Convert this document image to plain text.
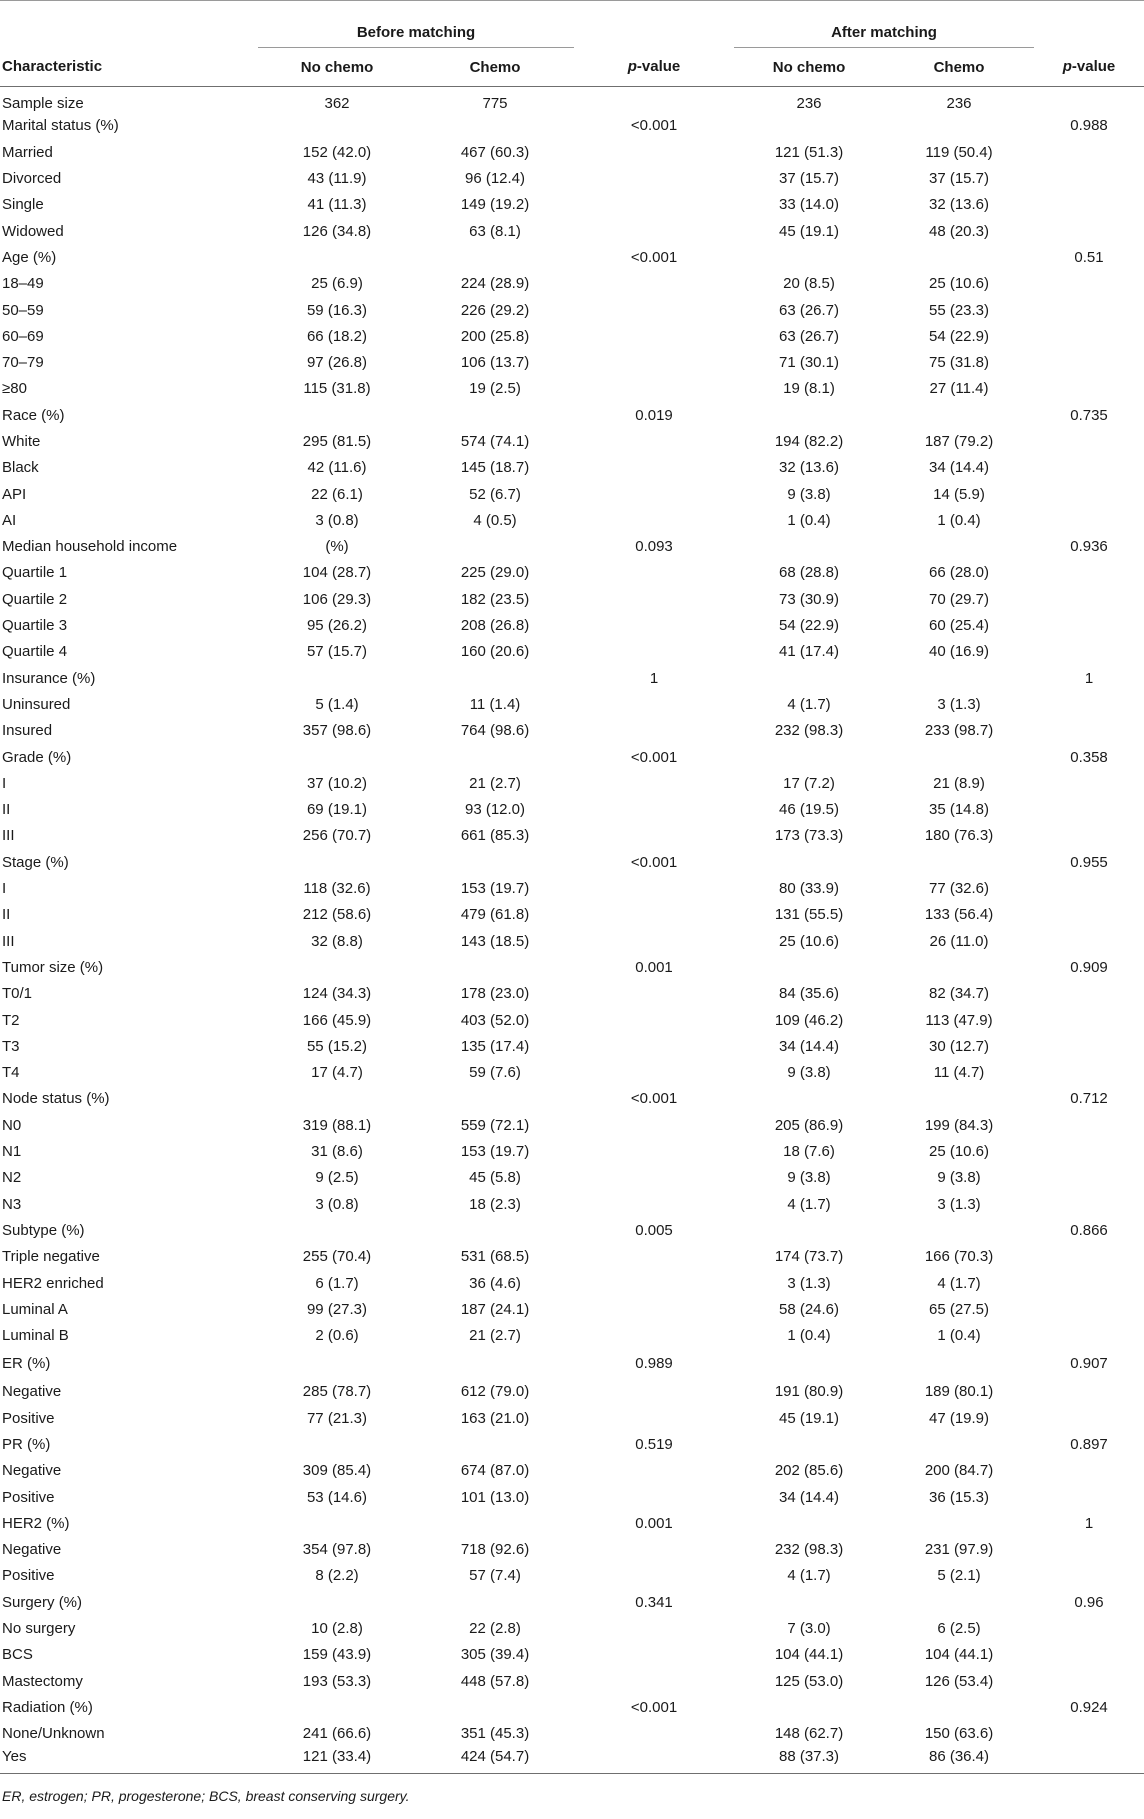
	Before matching			After matching		
Characteristic	No chemo	Chemo	p-value	No chemo	Chemo	p-value
Sample size	362	775		236	236	
Marital status (%)			<0.001			0.988
Married	152 (42.0)	467 (60.3)		121 (51.3)	119 (50.4)	
Divorced	43 (11.9)	96 (12.4)		37 (15.7)	37 (15.7)	
Single	41 (11.3)	149 (19.2)		33 (14.0)	32 (13.6)	
Widowed	126 (34.8)	63 (8.1)		45 (19.1)	48 (20.3)	
Age (%)			<0.001			0.51
18–49	25 (6.9)	224 (28.9)		20 (8.5)	25 (10.6)	
50–59	59 (16.3)	226 (29.2)		63 (26.7)	55 (23.3)	
60–69	66 (18.2)	200 (25.8)		63 (26.7)	54 (22.9)	
70–79	97 (26.8)	106 (13.7)		71 (30.1)	75 (31.8)	
≥80	115 (31.8)	19 (2.5)		19 (8.1)	27 (11.4)	
Race (%)			0.019			0.735
White	295 (81.5)	574 (74.1)		194 (82.2)	187 (79.2)	
Black	42 (11.6)	145 (18.7)		32 (13.6)	34 (14.4)	
API	22 (6.1)	52 (6.7)		9 (3.8)	14 (5.9)	
AI	3 (0.8)	4 (0.5)		1 (0.4)	1 (0.4)	
Median household income	(%)		0.093			0.936
Quartile 1	104 (28.7)	225 (29.0)		68 (28.8)	66 (28.0)	
Quartile 2	106 (29.3)	182 (23.5)		73 (30.9)	70 (29.7)	
Quartile 3	95 (26.2)	208 (26.8)		54 (22.9)	60 (25.4)	
Quartile 4	57 (15.7)	160 (20.6)		41 (17.4)	40 (16.9)	
Insurance (%)			1			1
Uninsured	5 (1.4)	11 (1.4)		4 (1.7)	3 (1.3)	
Insured	357 (98.6)	764 (98.6)		232 (98.3)	233 (98.7)	
Grade (%)			<0.001			0.358
I	37 (10.2)	21 (2.7)		17 (7.2)	21 (8.9)	
II	69 (19.1)	93 (12.0)		46 (19.5)	35 (14.8)	
III	256 (70.7)	661 (85.3)		173 (73.3)	180 (76.3)	
Stage (%)			<0.001			0.955
I	118 (32.6)	153 (19.7)		80 (33.9)	77 (32.6)	
II	212 (58.6)	479 (61.8)		131 (55.5)	133 (56.4)	
III	32 (8.8)	143 (18.5)		25 (10.6)	26 (11.0)	
Tumor size (%)			0.001			0.909
T0/1	124 (34.3)	178 (23.0)		84 (35.6)	82 (34.7)	
T2	166 (45.9)	403 (52.0)		109 (46.2)	113 (47.9)	
T3	55 (15.2)	135 (17.4)		34 (14.4)	30 (12.7)	
T4	17 (4.7)	59 (7.6)		9 (3.8)	11 (4.7)	
Node status (%)			<0.001			0.712
N0	319 (88.1)	559 (72.1)		205 (86.9)	199 (84.3)	
N1	31 (8.6)	153 (19.7)		18 (7.6)	25 (10.6)	
N2	9 (2.5)	45 (5.8)		9 (3.8)	9 (3.8)	
N3	3 (0.8)	18 (2.3)		4 (1.7)	3 (1.3)	
Subtype (%)			0.005			0.866
Triple negative	255 (70.4)	531 (68.5)		174 (73.7)	166 (70.3)	
HER2 enriched	6 (1.7)	36 (4.6)		3 (1.3)	4 (1.7)	
Luminal A	99 (27.3)	187 (24.1)		58 (24.6)	65 (27.5)	
Luminal B	2 (0.6)	21 (2.7)		1 (0.4)	1 (0.4)	
ER (%)			0.989			0.907
Negative	285 (78.7)	612 (79.0)		191 (80.9)	189 (80.1)	
Positive	77 (21.3)	163 (21.0)		45 (19.1)	47 (19.9)	
PR (%)			0.519			0.897
Negative	309 (85.4)	674 (87.0)		202 (85.6)	200 (84.7)	
Positive	53 (14.6)	101 (13.0)		34 (14.4)	36 (15.3)	
HER2 (%)			0.001			1
Negative	354 (97.8)	718 (92.6)		232 (98.3)	231 (97.9)	
Positive	8 (2.2)	57 (7.4)		4 (1.7)	5 (2.1)	
Surgery (%)			0.341			0.96
No surgery	10 (2.8)	22 (2.8)		7 (3.0)	6 (2.5)	
BCS	159 (43.9)	305 (39.4)		104 (44.1)	104 (44.1)	
Mastectomy	193 (53.3)	448 (57.8)		125 (53.0)	126 (53.4)	
Radiation (%)			<0.001			0.924
None/Unknown	241 (66.6)	351 (45.3)		148 (62.7)	150 (63.6)	
Yes	121 (33.4)	424 (54.7)		88 (37.3)	86 (36.4)	
ER, estrogen; PR, progesterone; BCS, breast conserving surgery.						
